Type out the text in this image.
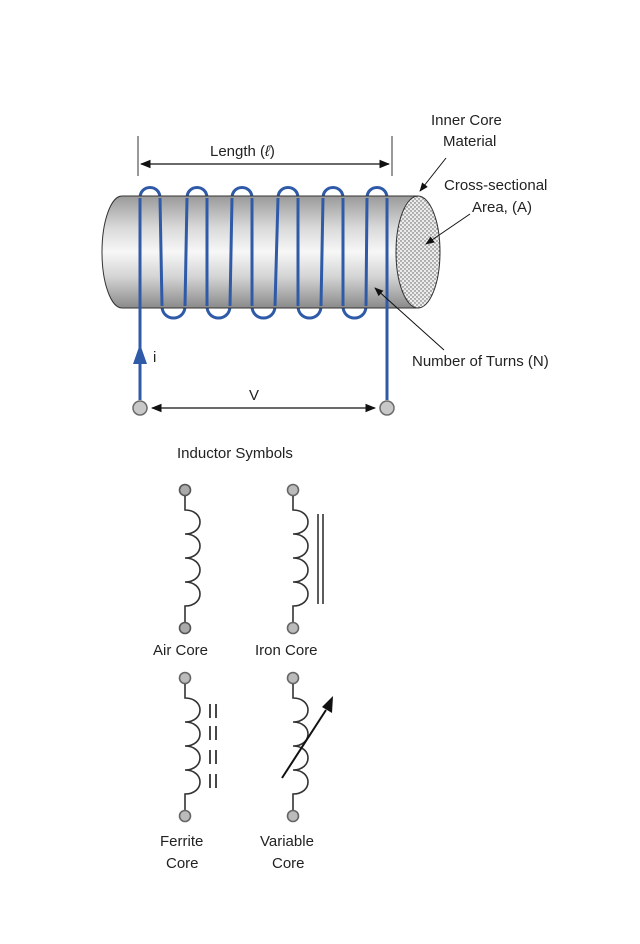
Length (ℓ)
i
V
Inner Core
Material
Cross-sectional
Area, (A)
Number of Turns (N)
Inductor Symbols
Air Core	Iron Core
Ferrite
Core
Variable
Core
